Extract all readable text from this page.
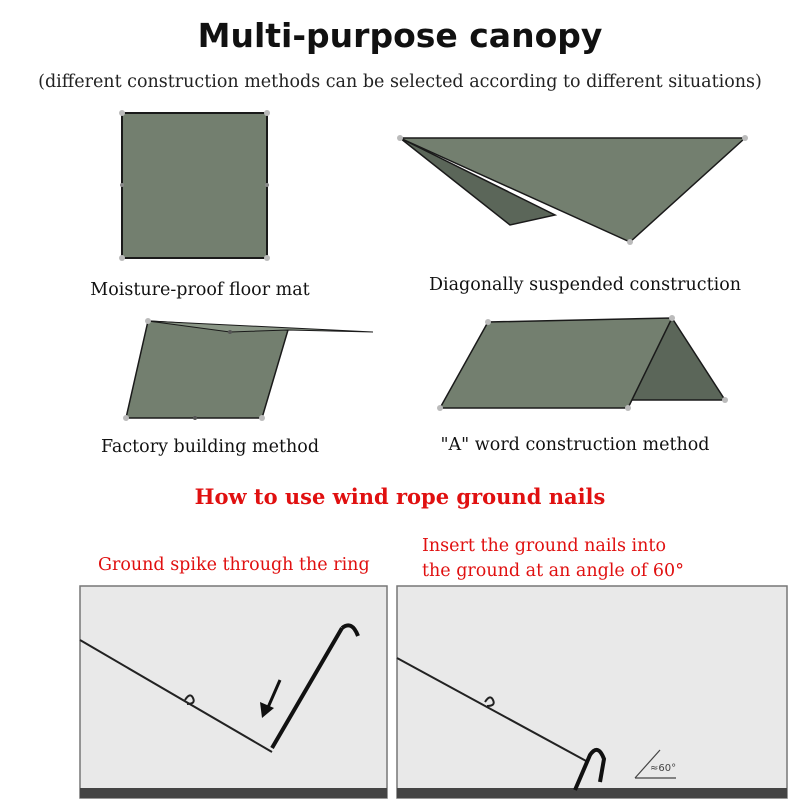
Multi-purpose canopy
(different construction methods can be selected according to different situations)
Moisture-proof floor mat	Diagonally suspended construction
Factory building method	"A" word construction method
How to use wind rope ground nails
Ground spike through the ring
Insert the ground nails into
the ground at an angle of 60°
≈60°
